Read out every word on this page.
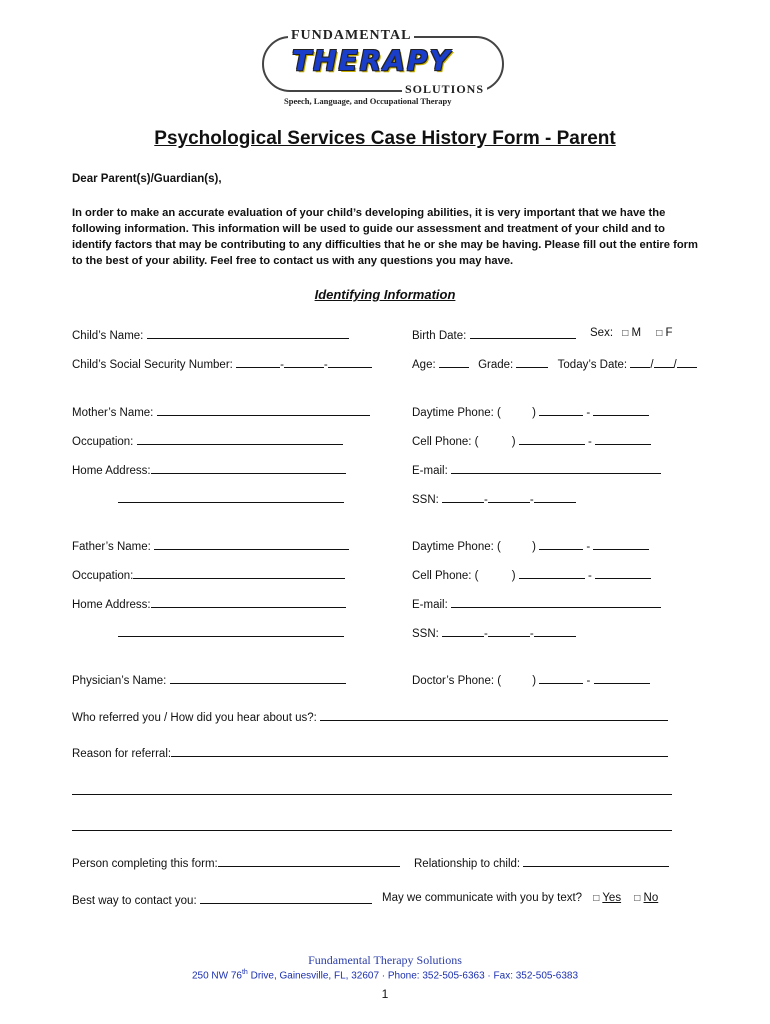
FUNDAMENTAL
THERAPY
SOLUTIONS
Speech, Language, and Occupational Therapy
Psychological Services Case History Form - Parent
Dear Parent(s)/Guardian(s),
In order to make an accurate evaluation of your child’s developing abilities, it is very important that we have the following information. This information will be used to guide our assessment and treatment of your child and to identify factors that may be contributing to any difficulties that he or she may be having. Please fill out the entire form to the best of your ability. Feel free to contact us with any questions you may have.
Identifying Information
Child’s Name:	Birth Date:	Sex: □ M □ F
Child’s Social Security Number:	-	-	Age:	Grade:	Today’s Date: / /
Mother’s Name:	Daytime Phone: (	)	-
Occupation:	Cell Phone: (	)	-
Home Address:	E-mail:
SSN:	-	-
Father’s Name:	Daytime Phone: (	)	-
Occupation:	Cell Phone: (	)	-
Home Address:	E-mail:
SSN:	-	-
Physician’s Name:	Doctor’s Phone: (	)	-
Who referred you / How did you hear about us?:
Reason for referral:
Person completing this form:	Relationship to child:
Best way to contact you:	May we communicate with you by text? □ Yes □ No
Fundamental Therapy Solutions
250 NW 76th Drive, Gainesville, FL, 32607 · Phone: 352-505-6363 · Fax: 352-505-6383
1
